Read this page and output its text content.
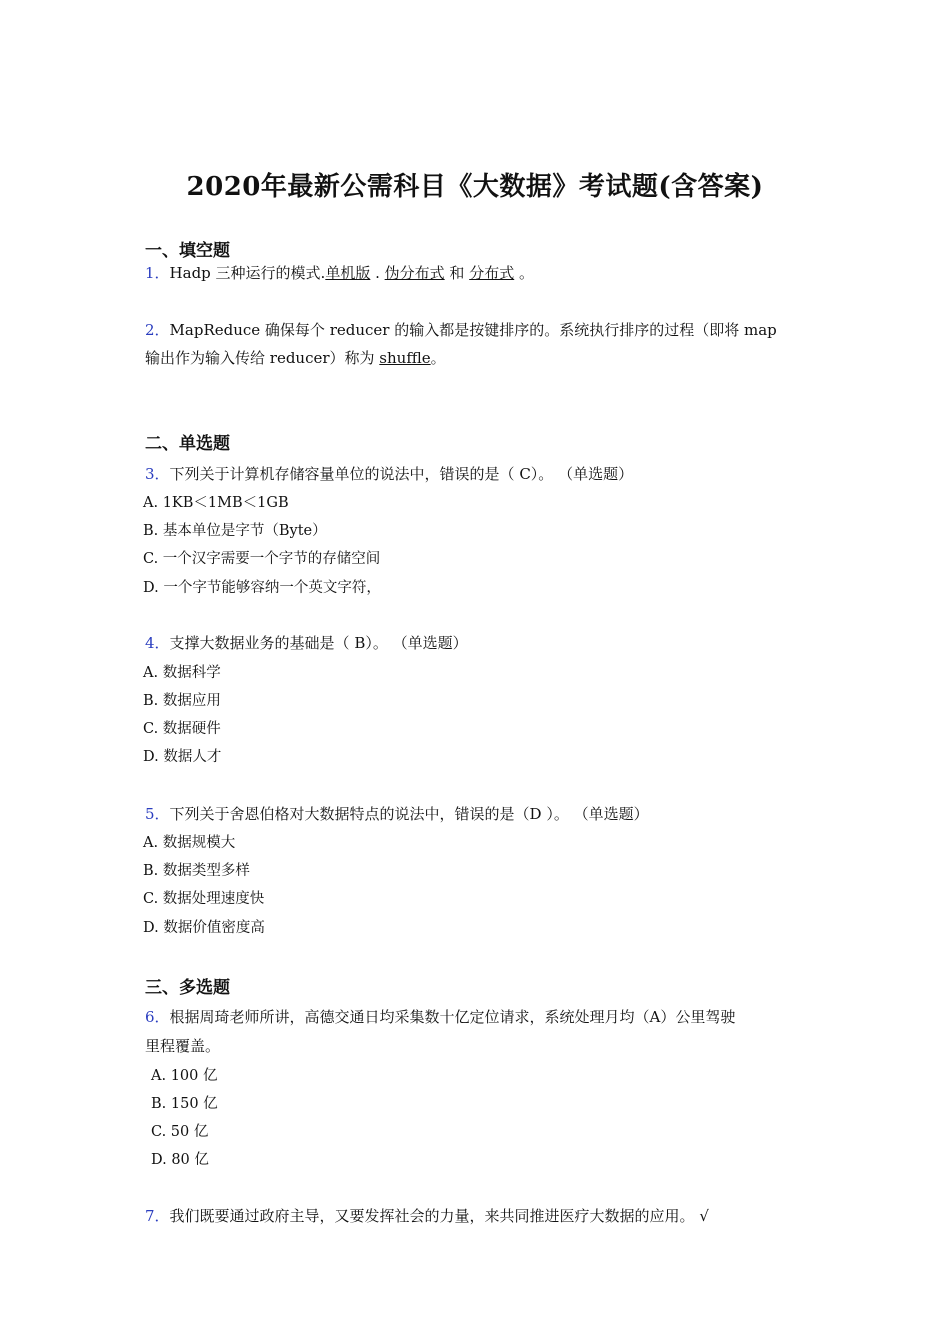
2020年最新公需科目《大数据》考试题(含答案)
一、填空题
1．Hadp 三种运行的模式.单机版 . 伪分布式 和 分布式 。
2．MapReduce 确保每个 reducer 的输入都是按键排序的。系统执行排序的过程（即将 map
输出作为输入传给 reducer）称为 shuffle。
二、单选题
3．下列关于计算机存储容量单位的说法中，错误的是（ C）。 （单选题）
A. 1KB＜1MB＜1GB
B. 基本单位是字节（Byte）
C. 一个汉字需要一个字节的存储空间
D. 一个字节能够容纳一个英文字符，
4．支撑大数据业务的基础是（ B）。 （单选题）
A. 数据科学
B. 数据应用
C. 数据硬件
D. 数据人才
5．下列关于舍恩伯格对大数据特点的说法中，错误的是（D ）。 （单选题）
A. 数据规模大
B. 数据类型多样
C. 数据处理速度快
D. 数据价值密度高
三、多选题
6．根据周琦老师所讲，高德交通日均采集数十亿定位请求，系统处理月均（A）公里驾驶
里程覆盖。
A. 100 亿
B. 150 亿
C. 50 亿
D. 80 亿
7．我们既要通过政府主导，又要发挥社会的力量，来共同推进医疗大数据的应用。 √
